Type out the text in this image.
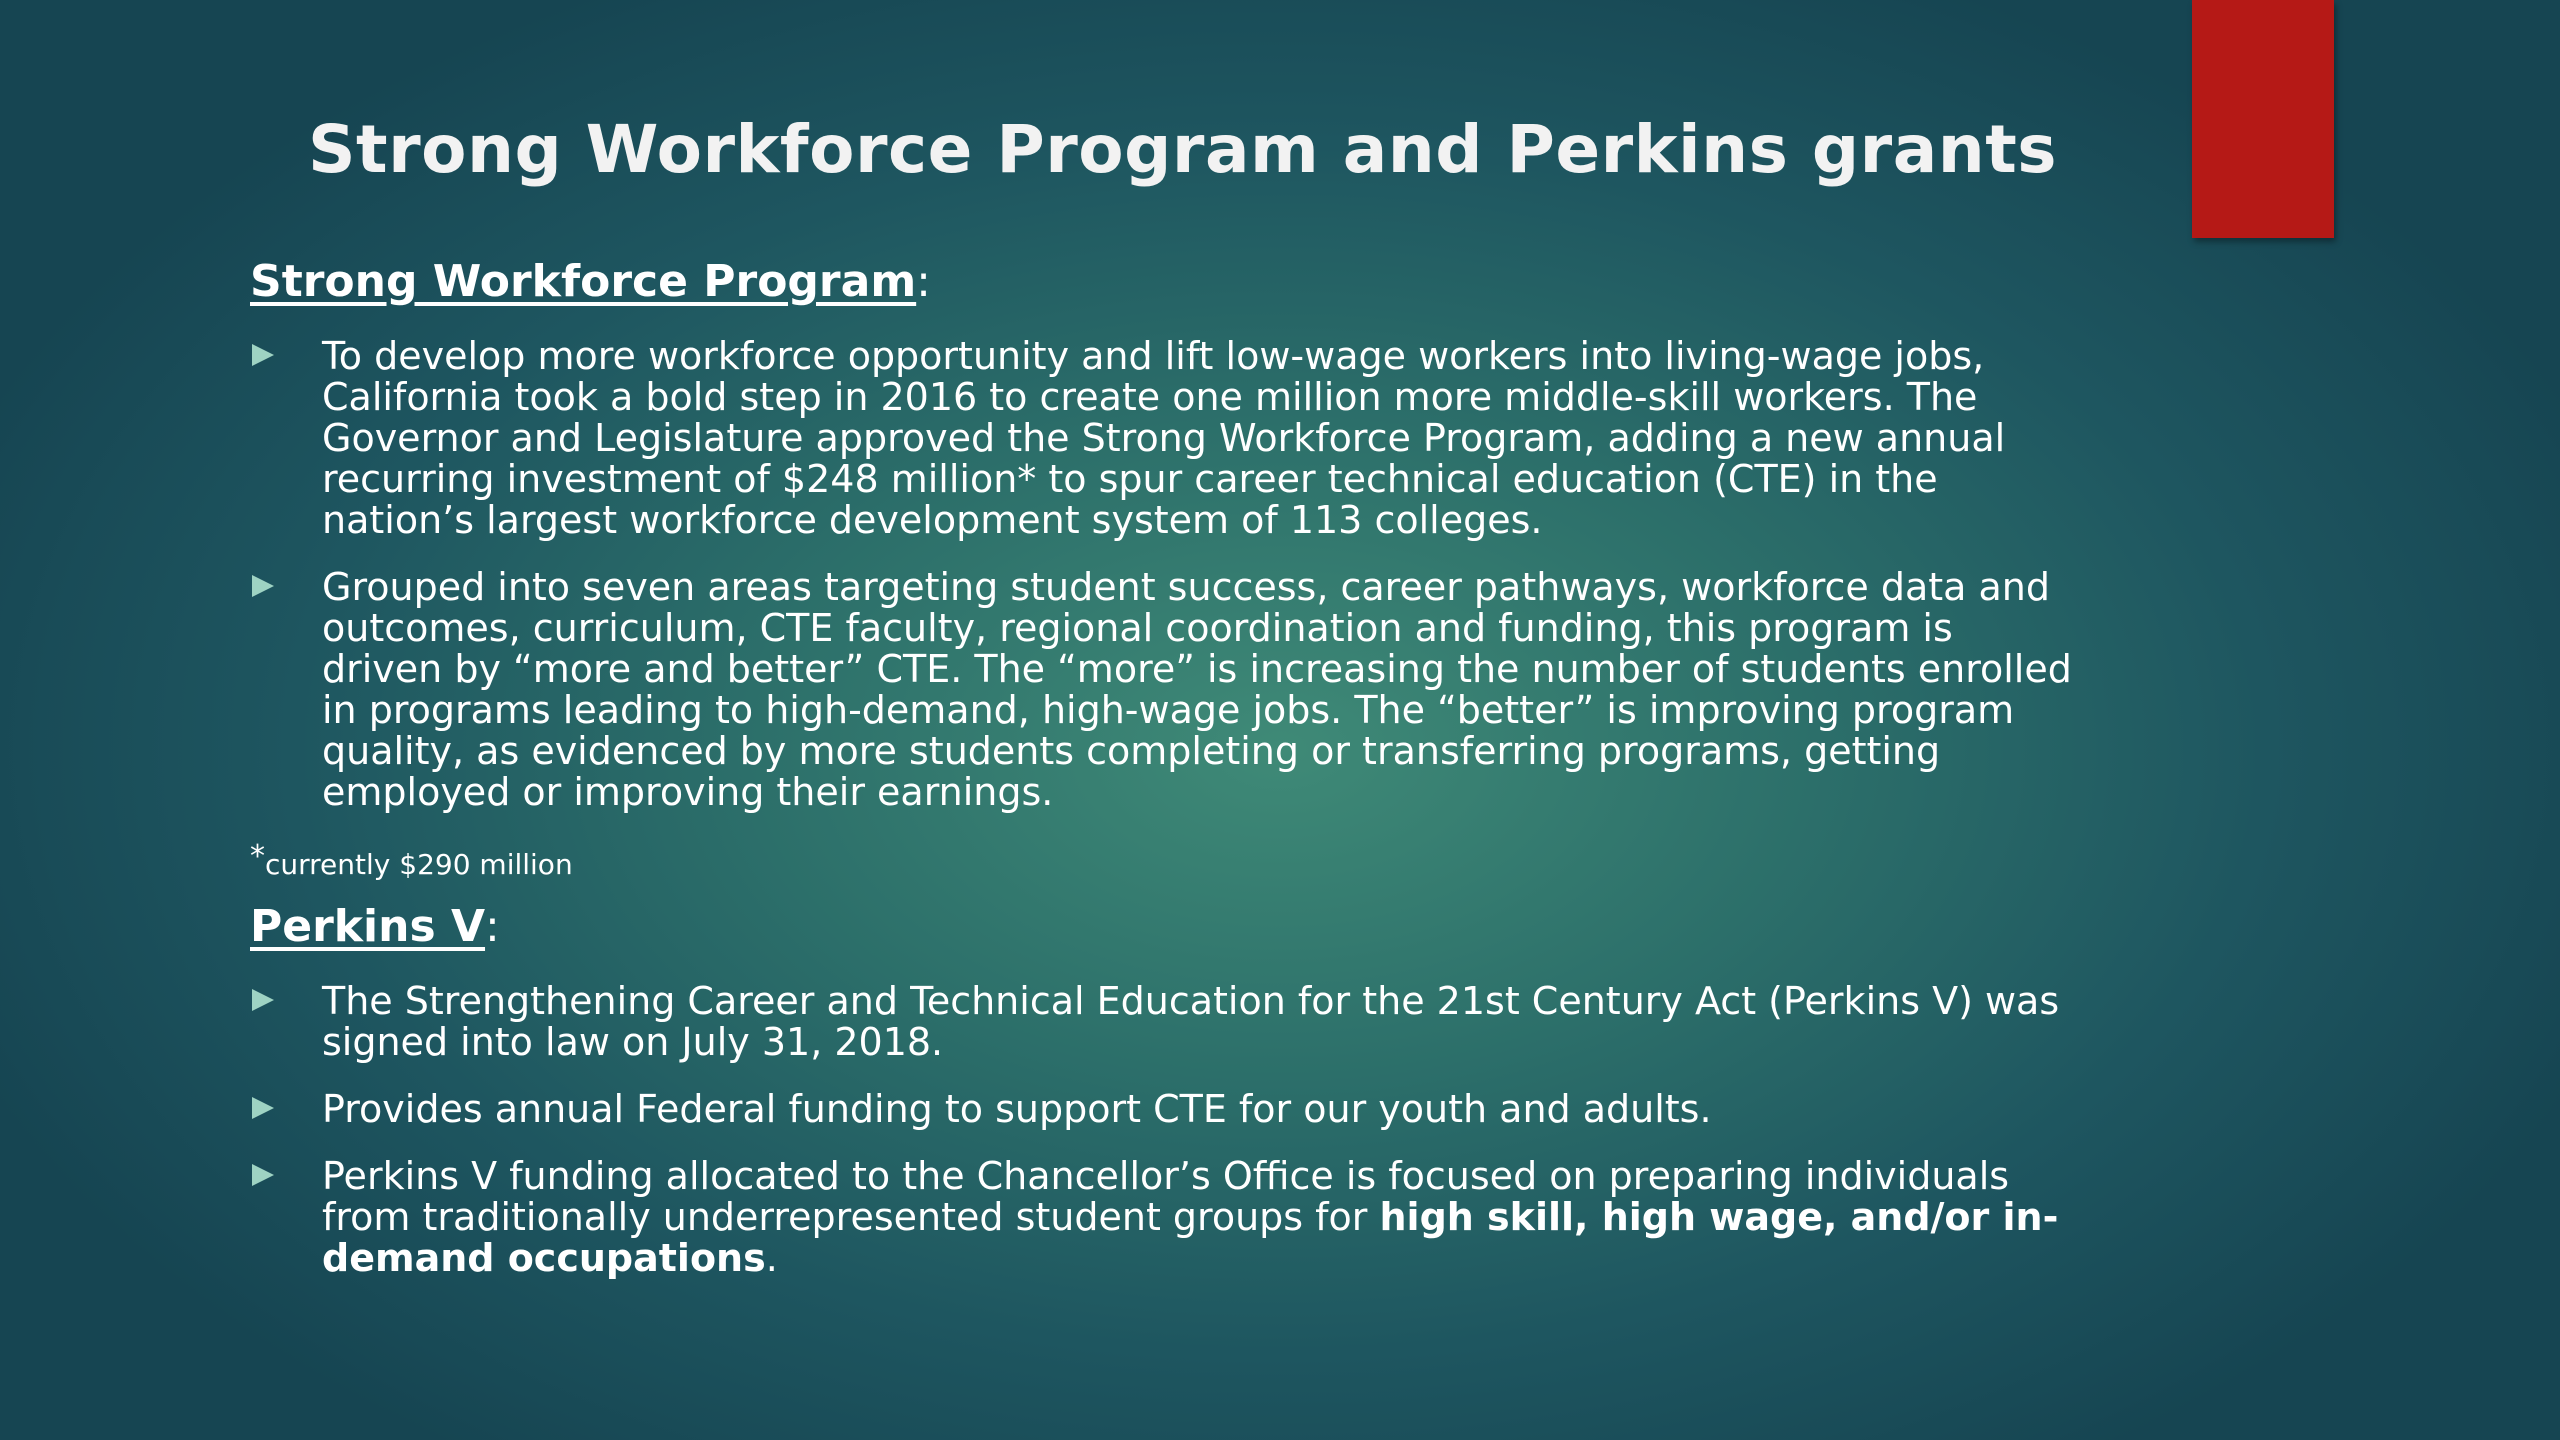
Strong Workforce Program and Perkins grants

Strong Workforce Program:

To develop more workforce opportunity and lift low-wage workers into living-wage jobs, California took a bold step in 2016 to create one million more middle-skill workers. The Governor and Legislature approved the Strong Workforce Program, adding a new annual recurring investment of $248 million* to spur career technical education (CTE) in the nation’s largest workforce development system of 113 colleges.
Grouped into seven areas targeting student success, career pathways, workforce data and outcomes, curriculum, CTE faculty, regional coordination and funding, this program is driven by “more and better” CTE. The “more” is increasing the number of students enrolled in programs leading to high-demand, high-wage jobs. The “better” is improving program quality, as evidenced by more students completing or transferring programs, getting employed or improving their earnings.

*currently $290 million

Perkins V:

The Strengthening Career and Technical Education for the 21st Century Act (Perkins V) was signed into law on July 31, 2018.
Provides annual Federal funding to support CTE for our youth and adults.
Perkins V funding allocated to the Chancellor’s Office is focused on preparing individuals from traditionally underrepresented student groups for high skill, high wage, and/or in-demand occupations.
